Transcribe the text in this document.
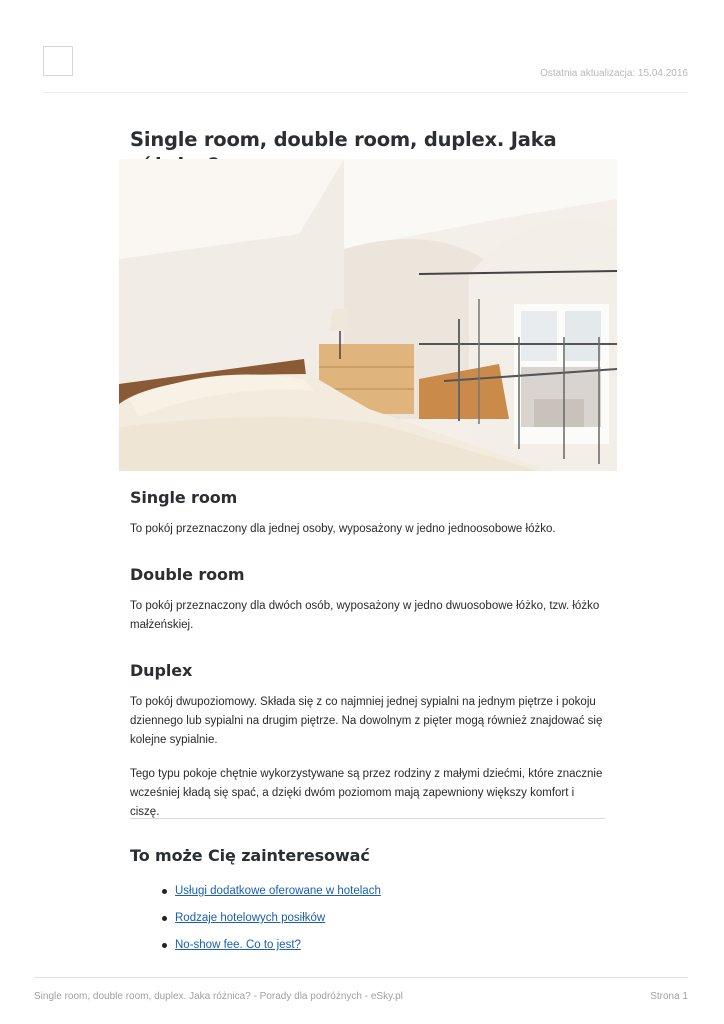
Ostatnia aktualizacja: 15.04.2016
Single room, double room, duplex. Jaka
Single room

To pokój przeznaczony dla jednej osoby, wyposażony w jedno jednoosobowe łóżko.

Double room

To pokój przeznaczony dla dwóch osób, wyposażony w jedno dwuosobowe łóżko, tzw. łóżko małżeńskiej.

Duplex

To pokój dwupoziomowy. Składa się z co najmniej jednej sypialni na jednym piętrze i pokoju dziennego lub sypialni na drugim piętrze. Na dowolnym z pięter mogą również znajdować się kolejne sypialnie.

Tego typu pokoje chętnie wykorzystywane są przez rodziny z małymi dziećmi, które znacznie wcześniej kładą się spać, a dzięki dwóm poziomom mają zapewniony większy komfort i ciszę.

To może Cię zainteresować
Usługi dodatkowe oferowane w hotelach
Rodzaje hotelowych posiłków
No-show fee. Co to jest?
Single room, double room, duplex. Jaka różnica? - Porady dla podróżnych - eSky.pl	Strona 1
